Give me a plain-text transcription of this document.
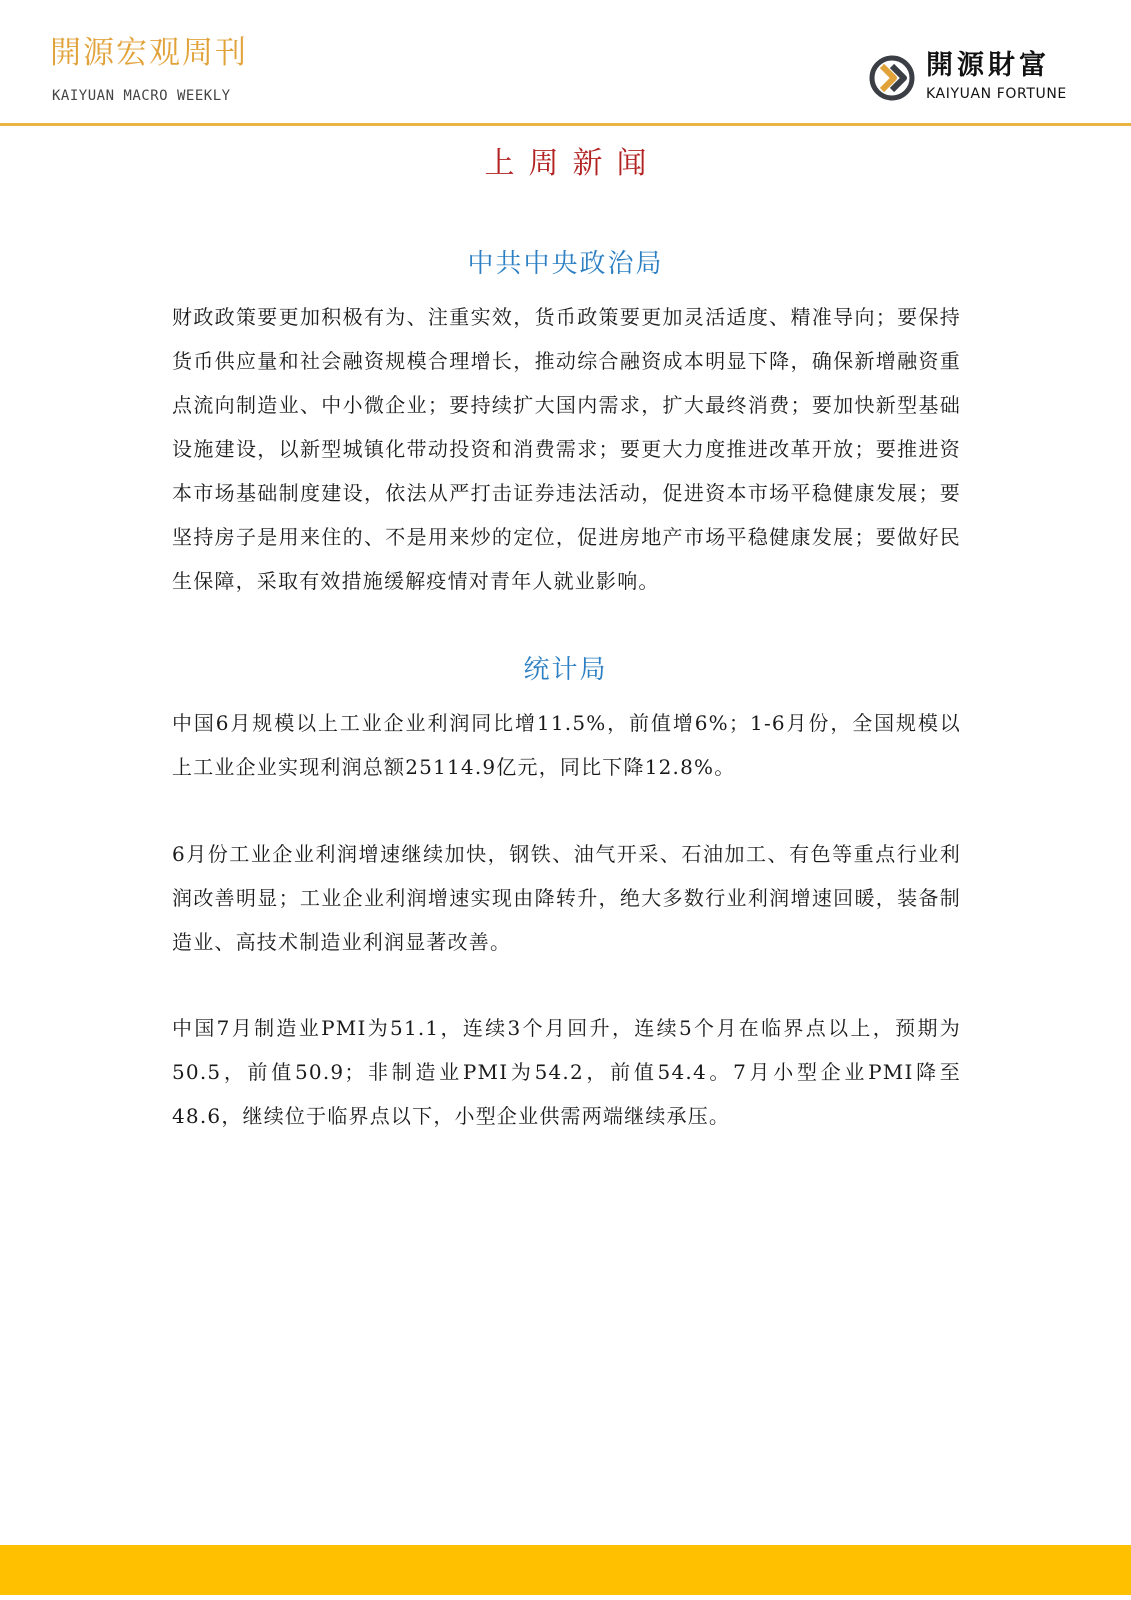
開源宏观周刊
KAIYUAN MACRO WEEKLY
開源財富
KAIYUAN FORTUNE
上周新闻
中共中央政治局

财政政策要更加积极有为、注重实效，货币政策要更加灵活适度、精准导向；要保持货币供应量和社会融资规模合理增长，推动综合融资成本明显下降，确保新增融资重点流向制造业、中小微企业；要持续扩大国内需求，扩大最终消费；要加快新型基础设施建设，以新型城镇化带动投资和消费需求；要更大力度推进改革开放；要推进资本市场基础制度建设，依法从严打击证券违法活动，促进资本市场平稳健康发展；要坚持房子是用来住的、不是用来炒的定位，促进房地产市场平稳健康发展；要做好民生保障，采取有效措施缓解疫情对青年人就业影响。

统计局

中国6月规模以上工业企业利润同比增11.5%，前值增6%；1-6月份，全国规模以上工业企业实现利润总额25114.9亿元，同比下降12.8%。

6月份工业企业利润增速继续加快，钢铁、油气开采、石油加工、有色等重点行业利润改善明显；工业企业利润增速实现由降转升，绝大多数行业利润增速回暖，装备制造业、高技术制造业利润显著改善。

中国7月制造业PMI为51.1，连续3个月回升，连续5个月在临界点以上，预期为50.5，前值50.9；非制造业PMI为54.2，前值54.4。7月小型企业PMI降至48.6，继续位于临界点以下，小型企业供需两端继续承压。
